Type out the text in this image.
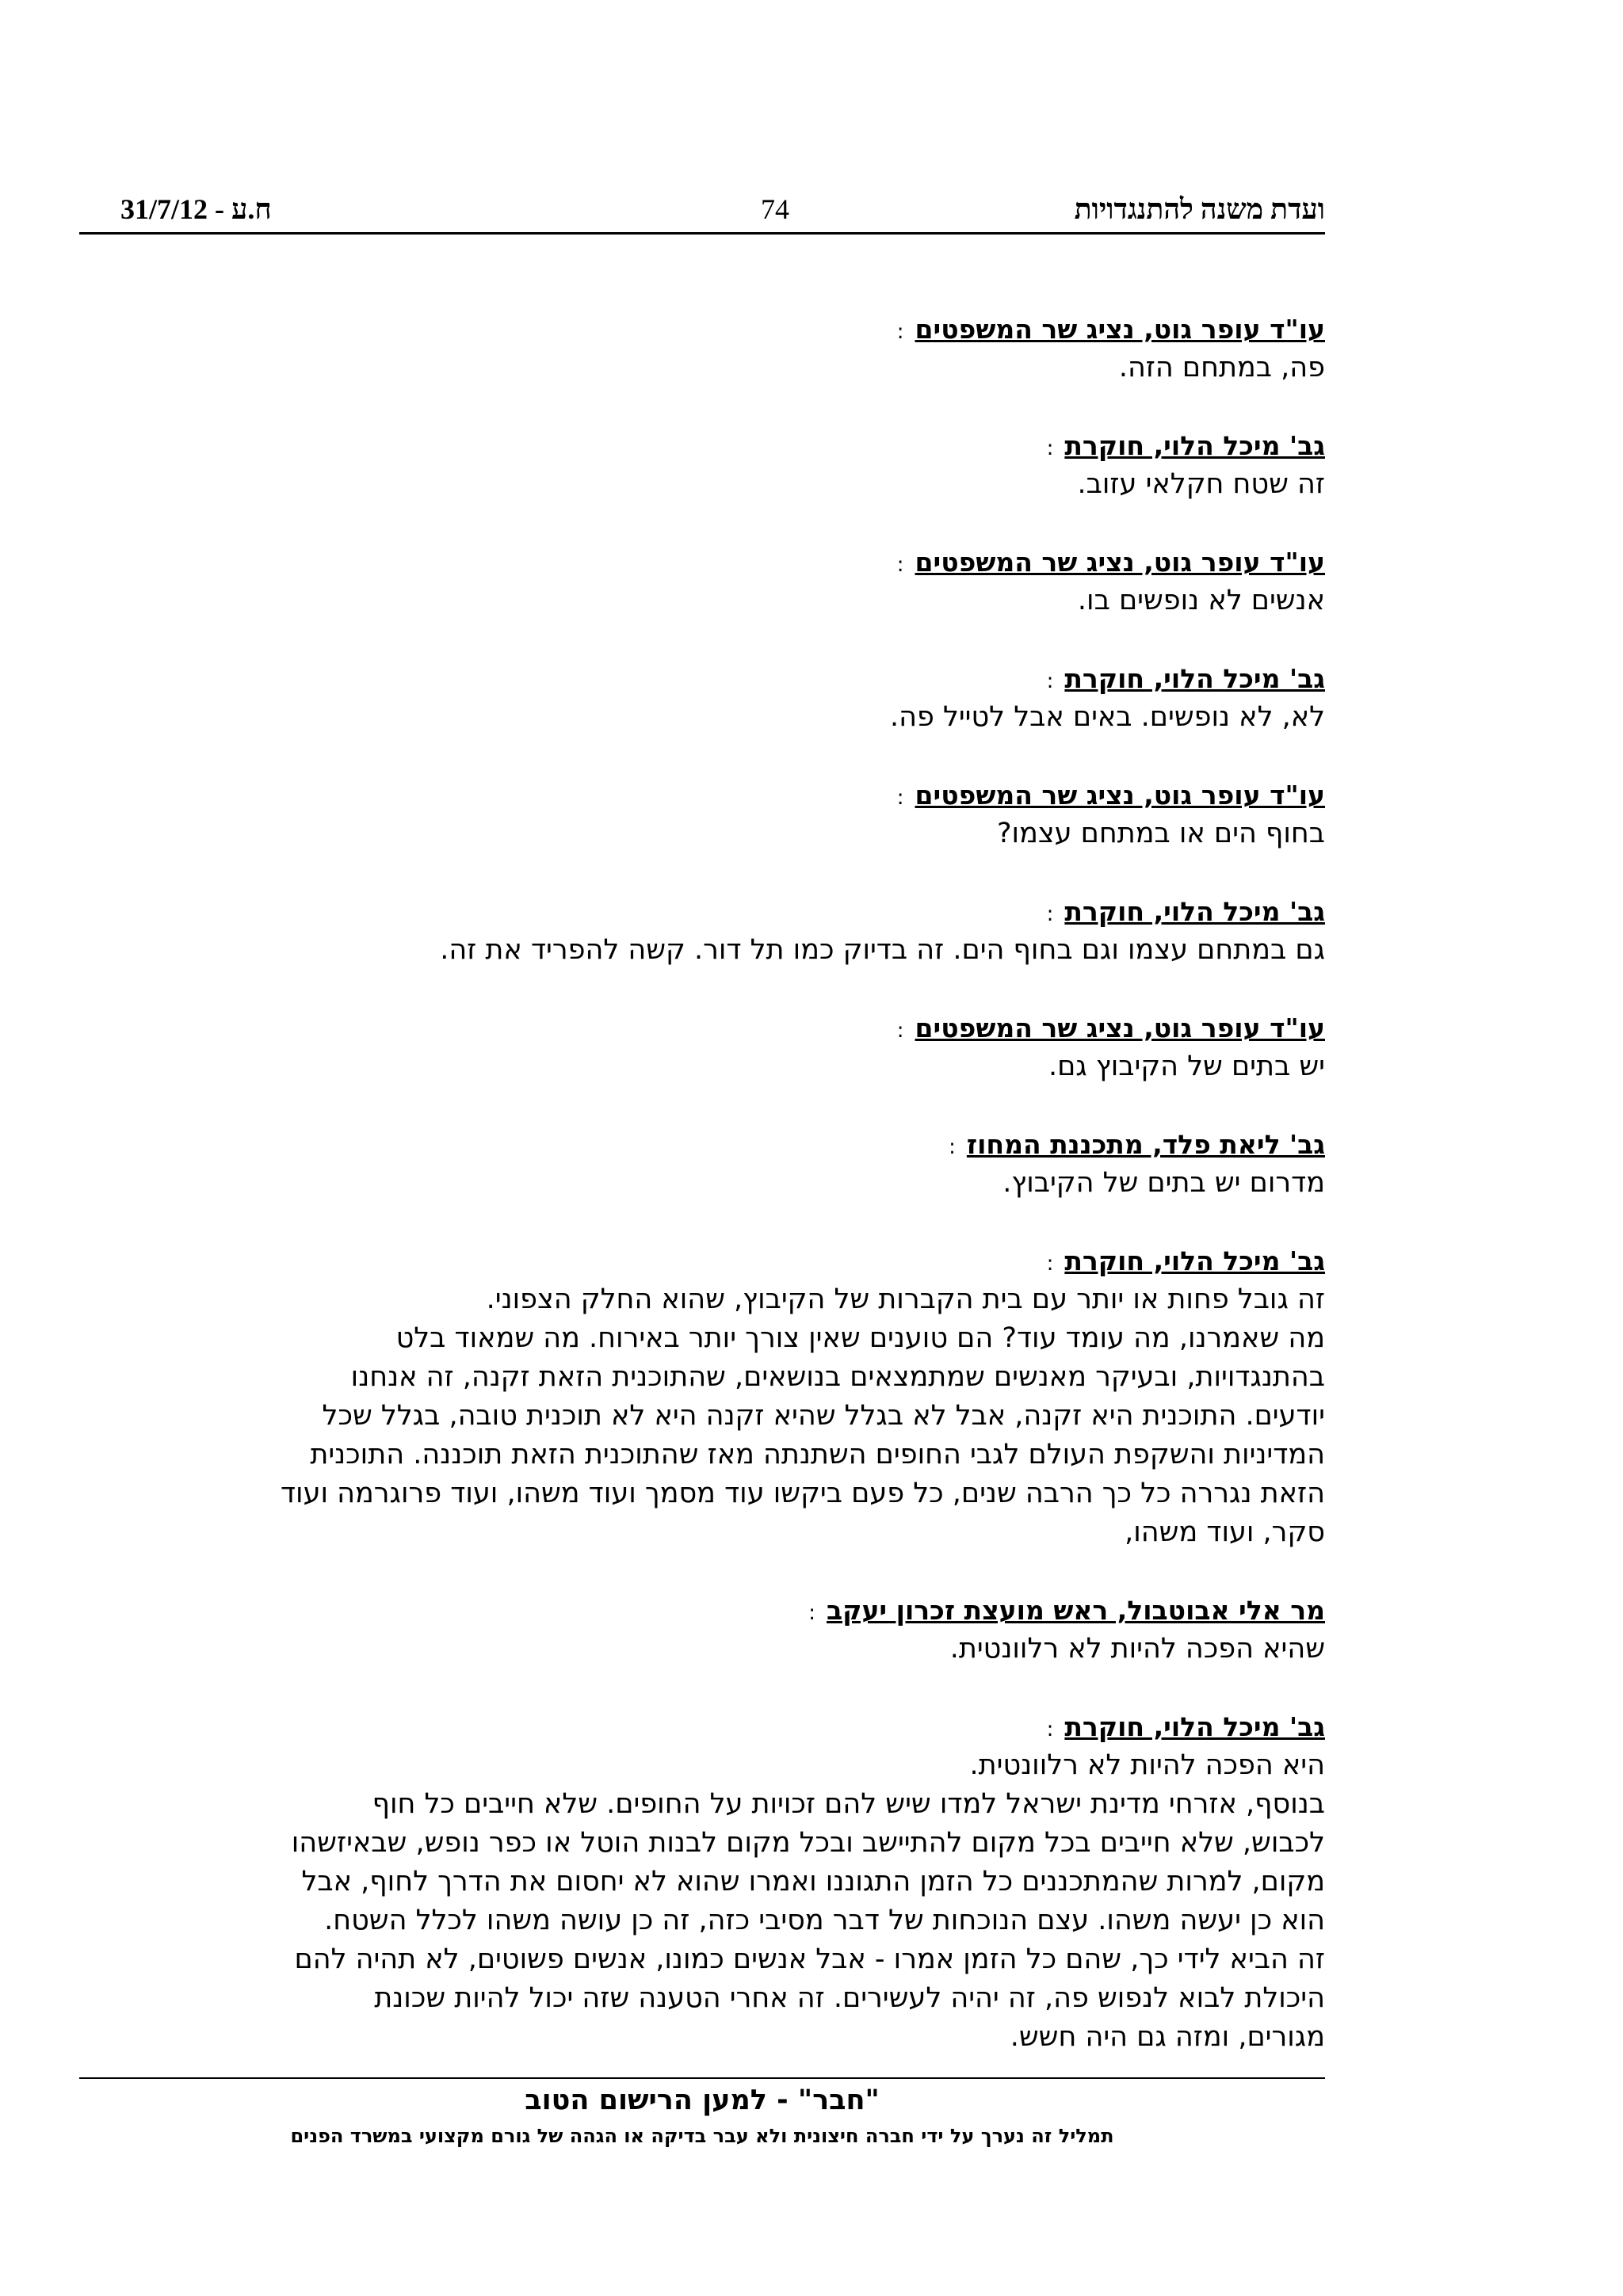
31/7/12 - ח.ע	74	ועדת משנה להתנגדויות
עו"ד עופר גוט, נציג שר המשפטים:
פה, במתחם הזה.
גב' מיכל הלוי, חוקרת:
זה שטח חקלאי עזוב.
עו"ד עופר גוט, נציג שר המשפטים:
אנשים לא נופשים בו.
גב' מיכל הלוי, חוקרת:
לא, לא נופשים. באים אבל לטייל פה.
עו"ד עופר גוט, נציג שר המשפטים:
בחוף הים או במתחם עצמו?
גב' מיכל הלוי, חוקרת:
גם במתחם עצמו וגם בחוף הים. זה בדיוק כמו תל דור. קשה להפריד את זה.
עו"ד עופר גוט, נציג שר המשפטים:
יש בתים של הקיבוץ גם.
גב' ליאת פלד, מתכננת המחוז:
מדרום יש בתים של הקיבוץ.
גב' מיכל הלוי, חוקרת:
זה גובל פחות או יותר עם בית הקברות של הקיבוץ, שהוא החלק הצפוני.
מה שאמרנו, מה עומד עוד? הם טוענים שאין צורך יותר באירוח. מה שמאוד בלט
בהתנגדויות, ובעיקר מאנשים שמתמצאים בנושאים, שהתוכנית הזאת זקנה, זה אנחנו
יודעים. התוכנית היא זקנה, אבל לא בגלל שהיא זקנה היא לא תוכנית טובה, בגלל שכל
המדיניות והשקפת העולם לגבי החופים השתנתה מאז שהתוכנית הזאת תוכננה. התוכנית
הזאת נגררה כל כך הרבה שנים, כל פעם ביקשו עוד מסמך ועוד משהו, ועוד פרוגרמה ועוד
סקר, ועוד משהו,
מר אלי אבוטבול, ראש מועצת זכרון יעקב:
שהיא הפכה להיות לא רלוונטית.
גב' מיכל הלוי, חוקרת:
היא הפכה להיות לא רלוונטית.
בנוסף, אזרחי מדינת ישראל למדו שיש להם זכויות על החופים. שלא חייבים כל חוף
לכבוש, שלא חייבים בכל מקום להתיישב ובכל מקום לבנות הוטל או כפר נופש, שבאיזשהו
מקום, למרות שהמתכננים כל הזמן התגוננו ואמרו שהוא לא יחסום את הדרך לחוף, אבל
הוא כן יעשה משהו. עצם הנוכחות של דבר מסיבי כזה, זה כן עושה משהו לכלל השטח.
זה הביא לידי כך, שהם כל הזמן אמרו - אבל אנשים כמונו, אנשים פשוטים, לא תהיה להם
היכולת לבוא לנפוש פה, זה יהיה לעשירים. זה אחרי הטענה שזה יכול להיות שכונת
מגורים, ומזה גם היה חשש.
"חבר" - למען הרישום הטוב
תמליל זה נערך על ידי חברה חיצונית ולא עבר בדיקה או הגהה של גורם מקצועי במשרד הפנים
